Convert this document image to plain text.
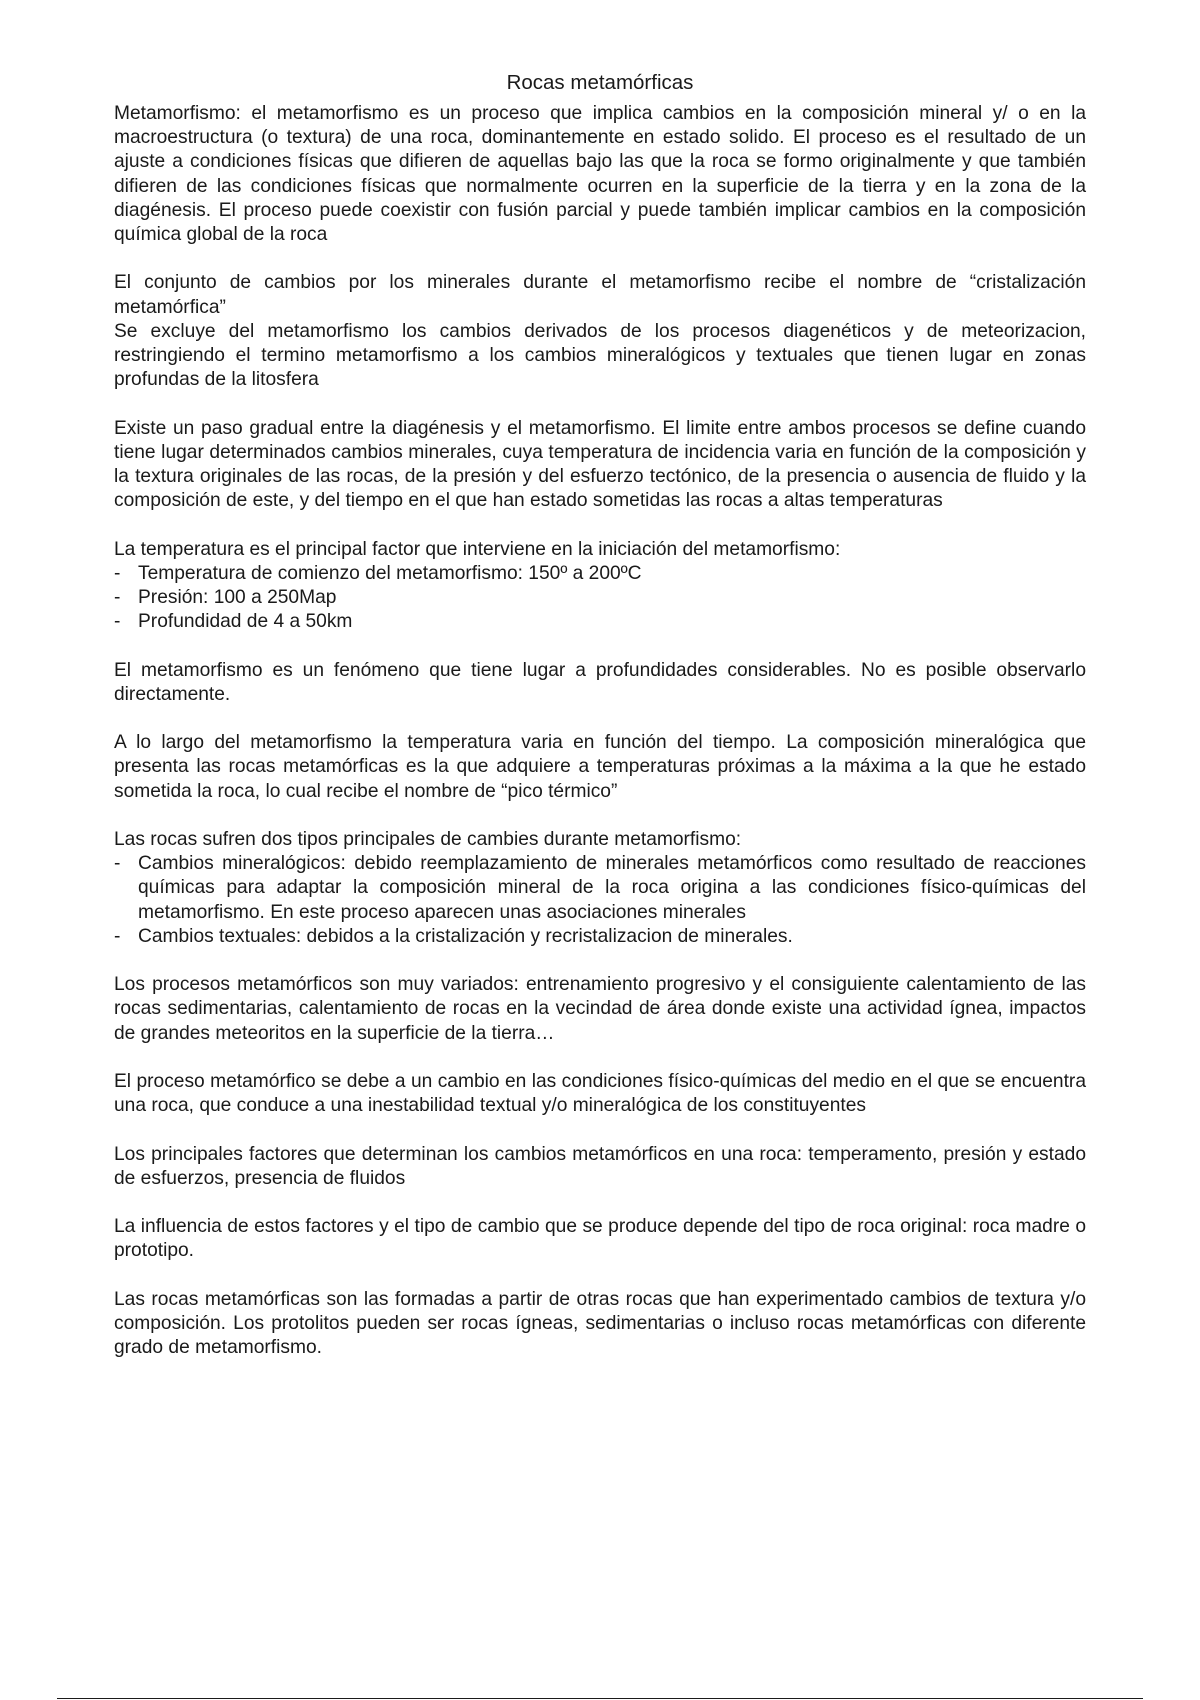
Rocas metamórficas

Metamorfismo: el metamorfismo es un proceso que implica cambios en la composición mineral y/ o en la macroestructura (o textura) de una roca, dominantemente en estado solido. El proceso es el resultado de un ajuste a condiciones físicas que difieren de aquellas bajo las que la roca se formo originalmente y que también difieren de las condiciones físicas que normalmente ocurren en la superficie de la tierra y en la zona de la diagénesis. El proceso puede coexistir con fusión parcial y puede también implicar cambios en la composición química global de la roca

El conjunto de cambios por los minerales durante el metamorfismo recibe el nombre de “cristalización metamórfica”

Se excluye del metamorfismo los cambios derivados de los procesos diagenéticos y de meteorizacion, restringiendo el termino metamorfismo a los cambios mineralógicos y textuales que tienen lugar en zonas profundas de la litosfera

Existe un paso gradual entre la diagénesis y el metamorfismo. El limite entre ambos procesos se define cuando tiene lugar determinados cambios minerales, cuya temperatura de incidencia varia en función de la composición y la textura originales de las rocas, de la presión y del esfuerzo tectónico, de la presencia o ausencia de fluido y la composición de este, y del tiempo en el que han estado sometidas las rocas a altas temperaturas

La temperatura es el principal factor que interviene en la iniciación del metamorfismo:

- Temperatura de comienzo del metamorfismo: 150º a 200ºC
- Presión: 100 a 250Map
- Profundidad de 4 a 50km

El metamorfismo es un fenómeno que tiene lugar a profundidades considerables. No es posible observarlo directamente.

A lo largo del metamorfismo la temperatura varia en función del tiempo. La composición mineralógica que presenta las rocas metamórficas es la que adquiere a temperaturas próximas a la máxima a la que he estado sometida la roca, lo cual recibe el nombre de “pico térmico”

Las rocas sufren dos tipos principales de cambies durante metamorfismo:

- Cambios mineralógicos: debido reemplazamiento de minerales metamórficos como resultado de reacciones químicas para adaptar la composición mineral de la roca origina a las condiciones físico-químicas del metamorfismo. En este proceso aparecen unas asociaciones minerales
- Cambios textuales: debidos a la cristalización y recristalizacion de minerales.

Los procesos metamórficos son muy variados: entrenamiento progresivo y el consiguiente calentamiento de las rocas sedimentarias, calentamiento de rocas en la vecindad de área donde existe una actividad ígnea, impactos de grandes meteoritos en la superficie de la tierra…

El proceso metamórfico se debe a un cambio en las condiciones físico-químicas del medio en el que se encuentra una roca, que conduce a una inestabilidad textual y/o mineralógica de los constituyentes

Los principales factores que determinan los cambios metamórficos en una roca: temperamento, presión y estado de esfuerzos, presencia de fluidos

La influencia de estos factores y el tipo de cambio que se produce depende del tipo de roca original: roca madre o prototipo.

Las rocas metamórficas son las formadas a partir de otras rocas que han experimentado cambios de textura y/o composición. Los protolitos pueden ser rocas ígneas, sedimentarias o incluso rocas metamórficas con diferente grado de metamorfismo.
